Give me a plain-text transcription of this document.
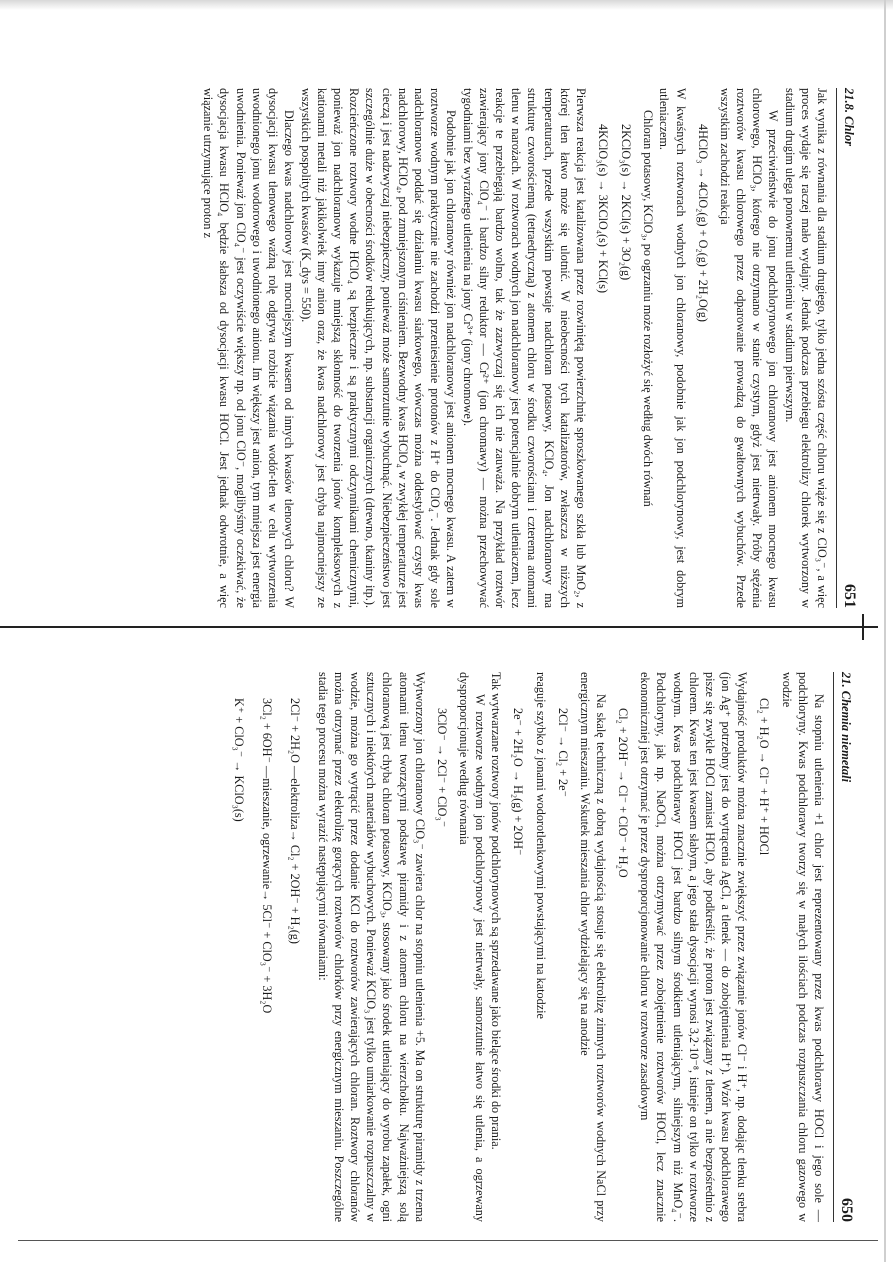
21.8. Chlor
651

Jak wynika z równania dla stadium drugiego, tylko jedna szósta część chloru wiąże się z ClO₃⁻, a więc proces wydaje się raczej mało wydajny. Jednak podczas przebiegu elektrolizy chlorek wytworzony w stadium drugim ulega ponownemu utlenieniu w stadium pierwszym.

W przeciwieństwie do jonu podchlorynowego jon chloranowy jest anionem mocnego kwasu chlorowego, HClO₃, którego nie otrzymano w stanie czystym, gdyż jest nietrwały. Próby stężenia roztworów kwasu chlorowego przez odparowanie prowadzą do gwałtownych wybuchów. Przede wszystkim zachodzi reakcja

4HClO₃ → 4ClO₂(g) + O₂(g) + 2H₂O(g)

W kwaśnych roztworach wodnych jon chloranowy, podobnie jak jon podchlorynowy, jest dobrym utleniaczem.

Chloran potasowy, KClO₃, po ogrzaniu może rozłożyć się według dwóch równań

2KClO₃(s) → 2KCl(s) + 3O₂(g)
4KClO₃(s) → 3KClO₄(s) + KCl(s)

Pierwsza reakcja jest katalizowana przez rozwiniętą powierzchnię sproszkowanego szkła lub MnO₂, z której tlen łatwo może się ulotnić. W nieobecności tych katalizatorów, zwłaszcza w niższych temperaturach, przede wszystkim powstaje nadchloran potasowy, KClO₄. Jon nadchloranowy ma strukturę czworościenną (tetraedryczną) z atomem chloru w środku czworościanu i czterema atomami tlenu w narożach. W roztworach wodnych jon nadchloranowy jest potencjalnie dobrym utleniaczem, lecz reakcje te przebiegają bardzo wolno, tak że zazwyczaj się ich nie zauważa. Na przykład roztwór zawierający jony ClO₄⁻ i bardzo silny reduktor — Cr²⁺ (jon chromawy) — można przechowywać tygodniami bez wyraźnego utlenienia na jony Cr³⁺ (jony chromowe).

Podobnie jak jon chloranowy również jon nadchloranowy jest anionem mocnego kwasu. A zatem w roztworze wodnym praktycznie nie zachodzi przeniesienie protonów z H⁺ do ClO₄⁻. Jednak gdy sole nadchloranowe poddać się działaniu kwasu siarkowego, wówczas można oddestylować czysty kwas nadchlorowy, HClO₄, pod zmniejszonym ciśnieniem. Bezwodny kwas HClO₄ w zwykłej temperaturze jest cieczą i jest nadzwyczaj niebezpieczny, ponieważ może samorzutnie wybuchnąć. Niebezpieczeństwo jest szczególnie duże w obecności środków redukujących, np. substancji organicznych (drewno, tkaniny itp.). Rozcieńczone roztwory wodne HClO₄ są bezpieczne i są praktycznymi odczynnikami chemicznymi, ponieważ jon nadchloranowy wykazuje mniejszą skłonność do tworzenia jonów kompleksowych z kationami metali niż jakikolwiek inny anion oraz, że kwas nadchlorowy jest chyba najmocniejszy ze wszystkich pospolitych kwasów (K_dys = 550).

Dlaczego kwas nadchlorowy jest mocniejszym kwasem od innych kwasów tlenowych chloru? W dysocjacji kwasu tlenowego ważną rolę odgrywa rozbicie wiązania wodór-tlen w celu wytworzenia uwodnionego jonu wodorowego i uwodnionego anionu. Im większy jest anion, tym mniejsza jest energia uwodnienia. Ponieważ jon ClO₄⁻ jest oczywiście większy np. od jonu ClO⁻, moglibyśmy oczekiwać, że dysocjacja kwasu HClO₄ będzie słabsza od dysocjacji kwasu HOCl. Jest jednak odwrotnie, a więc wiązanie utrzymujące proton z

21. Chemia niemetali
650

Na stopniu utlenienia +1 chlor jest reprezentowany przez kwas podchlorawy HOCl i jego sole — podchloryny. Kwas podchlorawy tworzy się w małych ilościach podczas rozpuszczania chloru gazowego w wodzie

Cl₂ + H₂O → Cl⁻ + H⁺ + HOCl

Wydajność produktów można znacznie zwiększyć przez związanie jonów Cl⁻ i H⁺, np. dodając tlenku srebra (jon Ag⁺ potrzebny jest do wytrącenia AgCl, a tlenek — do zobojętnienia H⁺). Wzór kwasu podchlorawego pisze się zwykle HOCl zamiast HClO, aby podkreślić, że proton jest związany z tlenem, a nie bezpośrednio z chlorem. Kwas ten jest kwasem słabym, a jego stała dysocjacji wynosi 3,2·10⁻⁸, istnieje on tylko w roztworze wodnym. Kwas podchlorawy HOCl jest bardzo silnym środkiem utleniającym, silniejszym niż MnO₄⁻. Podchloryny, jak np. NaOCl, można otrzymywać przez zobojętnienie roztworów HOCl, lecz znacznie ekonomiczniej jest otrzymać je przez dysproporcjonowanie chloru w roztworze zasadowym

Cl₂ + 2OH⁻ → Cl⁻ + ClO⁻ + H₂O

Na skalę techniczną z dobrą wydajnością stosuje się elektrolizę zimnych roztworów wodnych NaCl przy energicznym mieszaniu. Wskutek mieszania chlor wydzielający się na anodzie

2Cl⁻ → Cl₂ + 2e⁻

reaguje szybko z jonami wodorotlenkowymi powstającymi na katodzie

2e⁻ + 2H₂O → H₂(g) + 2OH⁻

Tak wytwarzane roztwory jonów podchlorynowych są sprzedawane jako bielące środki do prania.

W roztworze wodnym jon podchlorynowy jest nietrwały, samorzutnie łatwo się utlenia, a ogrzewany dysproporcjonuje według równania

3ClO⁻ → 2Cl⁻ + ClO₃⁻

Wytworzony jon chloranowy ClO₃⁻ zawiera chlor na stopniu utlenienia +5. Ma on strukturę piramidy z trzema atomami tlenu tworzącymi podstawę piramidy i z atomem chloru na wierzchołku. Najważniejszą solą chloranową jest chyba chloran potasowy, KClO₃, stosowany jako środek utleniający do wyrobu zapałek, ogni sztucznych i niektórych materiałów wybuchowych. Ponieważ KClO₃ jest tylko umiarkowanie rozpuszczalny w wodzie, można go wytrącić przez dodanie KCl do roztworów zawierających chloran. Roztwory chloranów można otrzymać przez elektrolizę gorących roztworów chlorków przy energicznym mieszaniu. Poszczególne stadia tego procesu można wyrazić następującymi równaniami:

2Cl⁻ + 2H₂O —elektroliza→ Cl₂ + 2OH⁻ + H₂(g)
3Cl₂ + 6OH⁻ —mieszanie, ogrzewanie→ 5Cl⁻ + ClO₃⁻ + 3H₂O
K⁺ + ClO₃⁻ → KClO₃(s)
